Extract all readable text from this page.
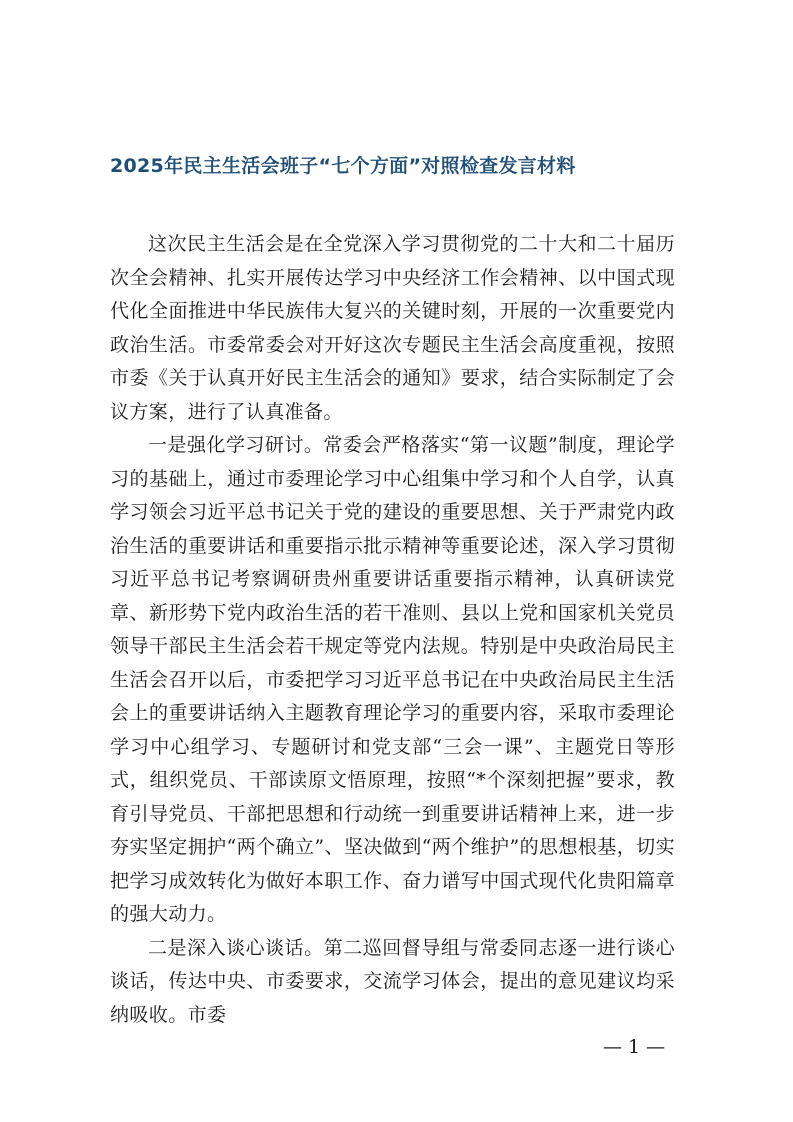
2025年民主生活会班子“七个方面”对照检查发言材料

这次民主生活会是在全党深入学习贯彻党的二十大和二十届历次全会精神、扎实开展传达学习中央经济工作会精神、以中国式现代化全面推进中华民族伟大复兴的关键时刻，开展的一次重要党内政治生活。市委常委会对开好这次专题民主生活会高度重视，按照市委《关于认真开好民主生活会的通知》要求，结合实际制定了会议方案，进行了认真准备。

一是强化学习研讨。常委会严格落实“第一议题”制度，理论学习的基础上，通过市委理论学习中心组集中学习和个人自学，认真学习领会习近平总书记关于党的建设的重要思想、关于严肃党内政治生活的重要讲话和重要指示批示精神等重要论述，深入学习贯彻习近平总书记考察调研贵州重要讲话重要指示精神，认真研读党章、新形势下党内政治生活的若干准则、县以上党和国家机关党员领导干部民主生活会若干规定等党内法规。特别是中央政治局民主生活会召开以后，市委把学习习近平总书记在中央政治局民主生活会上的重要讲话纳入主题教育理论学习的重要内容，采取市委理论学习中心组学习、专题研讨和党支部“三会一课”、主题党日等形式，组织党员、干部读原文悟原理，按照“*个深刻把握”要求，教育引导党员、干部把思想和行动统一到重要讲话精神上来，进一步夯实坚定拥护“两个确立”、坚决做到“两个维护”的思想根基，切实把学习成效转化为做好本职工作、奋力谱写中国式现代化贵阳篇章的强大动力。

二是深入谈心谈话。第二巡回督导组与常委同志逐一进行谈心谈话，传达中央、市委要求，交流学习体会，提出的意见建议均采纳吸收。市委

— 1 —
